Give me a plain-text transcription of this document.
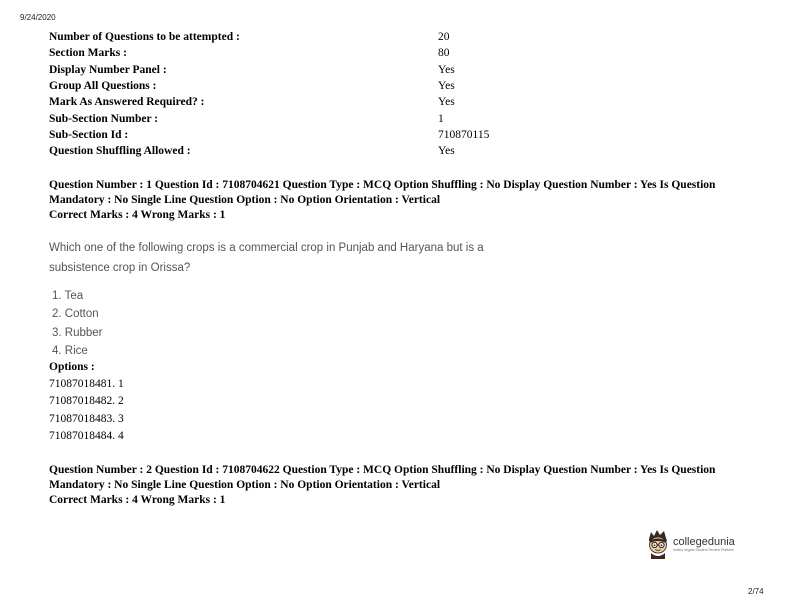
9/24/2020
Number of Questions to be attempted :	20
Section Marks :	80
Display Number Panel :	Yes
Group All Questions :	Yes
Mark As Answered Required? :	Yes
Sub-Section Number :	1
Sub-Section Id :	710870115
Question Shuffling Allowed :	Yes
Question Number : 1 Question Id : 7108704621 Question Type : MCQ Option Shuffling : No Display Question Number : Yes Is Question
Mandatory : No Single Line Question Option : No Option Orientation : Vertical
Correct Marks : 4 Wrong Marks : 1
Which one of the following crops is a commercial crop in Punjab and Haryana but is a
subsistence crop in Orissa?
1. Tea
2. Cotton
3. Rubber
4. Rice
Options :
71087018481. 1
71087018482. 2
71087018483. 3
71087018484. 4
Question Number : 2 Question Id : 7108704622 Question Type : MCQ Option Shuffling : No Display Question Number : Yes Is Question
Mandatory : No Single Line Question Option : No Option Orientation : Vertical
Correct Marks : 4 Wrong Marks : 1
collegedunia
India's largest Student Review Platform
2/74
